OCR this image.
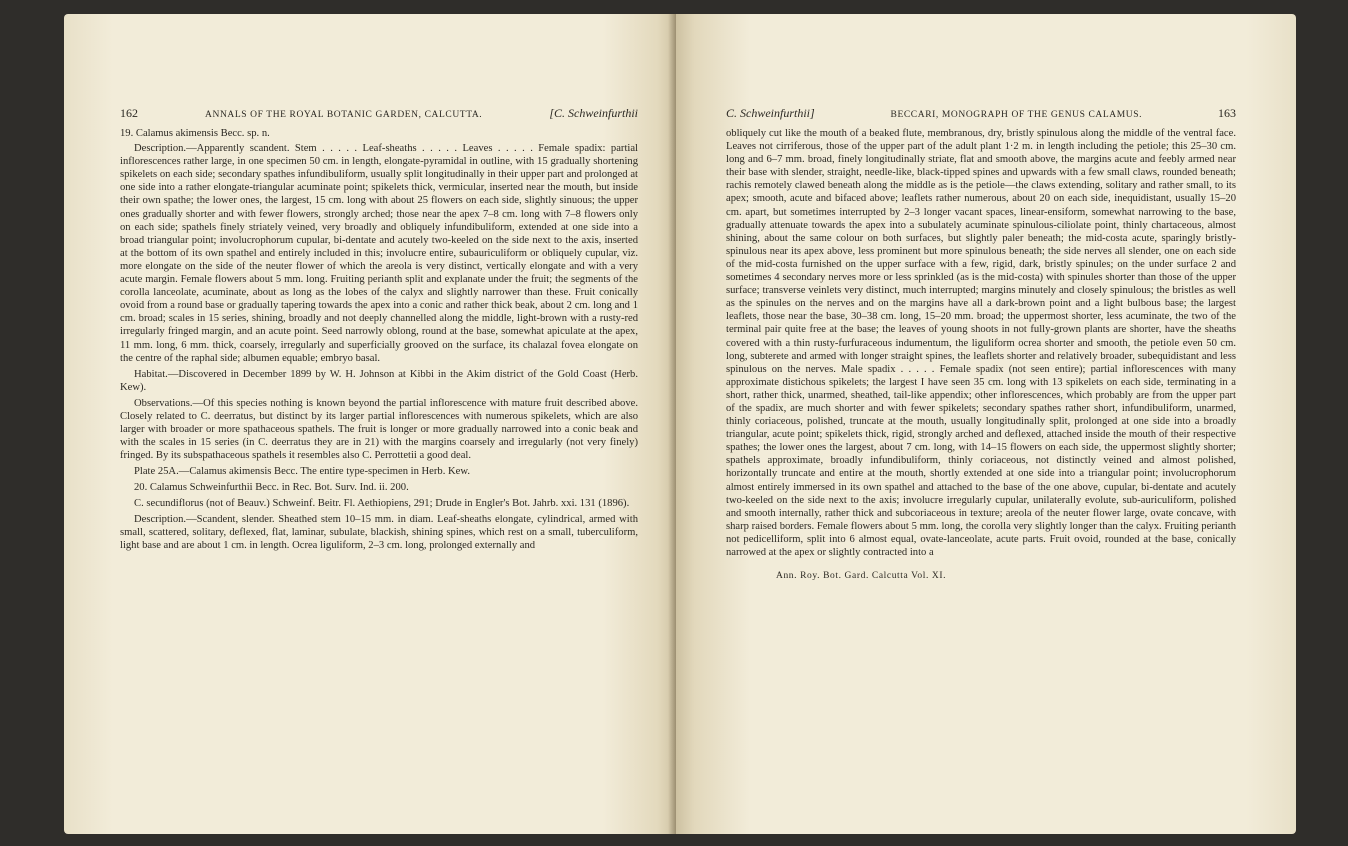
162	ANNALS OF THE ROYAL BOTANIC GARDEN, CALCUTTA.	[C. Schweinfurthii

19. Calamus akimensis Becc. sp. n.

Description.—Apparently scandent. Stem . . . . . Leaf-sheaths . . . . . Leaves . . . . . Female spadix: partial inflorescences rather large, in one specimen 50 cm. in length, elongate-pyramidal in outline, with 15 gradually shortening spikelets on each side; secondary spathes infundibuliform, usually split longitudinally in their upper part and prolonged at one side into a rather elongate-triangular acuminate point; spikelets thick, vermicular, inserted near the mouth, but inside their own spathe; the lower ones, the largest, 15 cm. long with about 25 flowers on each side, slightly sinuous; the upper ones gradually shorter and with fewer flowers, strongly arched; those near the apex 7–8 cm. long with 7–8 flowers only on each side; spathels finely striately veined, very broadly and obliquely infundibuliform, extended at one side into a broad triangular point; involucrophorum cupular, bi-dentate and acutely two-keeled on the side next to the axis, inserted at the bottom of its own spathel and entirely included in this; involucre entire, subauriculiform or obliquely cupular, viz. more elongate on the side of the neuter flower of which the areola is very distinct, vertically elongate and with a very acute margin. Female flowers about 5 mm. long. Fruiting perianth split and explanate under the fruit; the segments of the corolla lanceolate, acuminate, about as long as the lobes of the calyx and slightly narrower than these. Fruit conically ovoid from a round base or gradually tapering towards the apex into a conic and rather thick beak, about 2 cm. long and 1 cm. broad; scales in 15 series, shining, broadly and not deeply channelled along the middle, light-brown with a rusty-red irregularly fringed margin, and an acute point. Seed narrowly oblong, round at the base, somewhat apiculate at the apex, 11 mm. long, 6 mm. thick, coarsely, irregularly and superficially grooved on the surface, its chalazal fovea elongate on the centre of the raphal side; albumen equable; embryo basal.

Habitat.—Discovered in December 1899 by W. H. Johnson at Kibbi in the Akim district of the Gold Coast (Herb. Kew).

Observations.—Of this species nothing is known beyond the partial inflorescence with mature fruit described above. Closely related to C. deerratus, but distinct by its larger partial inflorescences with numerous spikelets, which are also larger with broader or more spathaceous spathels. The fruit is longer or more gradually narrowed into a conic beak and with the scales in 15 series (in C. deerratus they are in 21) with the margins coarsely and irregularly (not very finely) fringed. By its subspathaceous spathels it resembles also C. Perrottetii a good deal.

Plate 25A.—Calamus akimensis Becc. The entire type-specimen in Herb. Kew.

20. Calamus Schweinfurthii Becc. in Rec. Bot. Surv. Ind. ii. 200.

C. secundiflorus (not of Beauv.) Schweinf. Beitr. Fl. Aethiopiens, 291; Drude in Engler's Bot. Jahrb. xxi. 131 (1896).

Description.—Scandent, slender. Sheathed stem 10–15 mm. in diam. Leaf-sheaths elongate, cylindrical, armed with small, scattered, solitary, deflexed, flat, laminar, subulate, blackish, shining spines, which rest on a small, tuberculiform, light base and are about 1 cm. in length. Ocrea liguliform, 2–3 cm. long, prolonged externally and

C. Schweinfurthii]	BECCARI, MONOGRAPH OF THE GENUS CALAMUS.	163

obliquely cut like the mouth of a beaked flute, membranous, dry, bristly spinulous along the middle of the ventral face. Leaves not cirriferous, those of the upper part of the adult plant 1·2 m. in length including the petiole; this 25–30 cm. long and 6–7 mm. broad, finely longitudinally striate, flat and smooth above, the margins acute and feebly armed near their base with slender, straight, needle-like, black-tipped spines and upwards with a few small claws, rounded beneath; rachis remotely clawed beneath along the middle as is the petiole—the claws extending, solitary and rather small, to its apex; smooth, acute and bifaced above; leaflets rather numerous, about 20 on each side, inequidistant, usually 15–20 cm. apart, but sometimes interrupted by 2–3 longer vacant spaces, linear-ensiform, somewhat narrowing to the base, gradually attenuate towards the apex into a subulately acuminate spinulous-ciliolate point, thinly chartaceous, almost shining, about the same colour on both surfaces, but slightly paler beneath; the mid-costa acute, sparingly bristly-spinulous near its apex above, less prominent but more spinulous beneath; the side nerves all slender, one on each side of the mid-costa furnished on the upper surface with a few, rigid, dark, bristly spinules; on the under surface 2 and sometimes 4 secondary nerves more or less sprinkled (as is the mid-costa) with spinules shorter than those of the upper surface; transverse veinlets very distinct, much interrupted; margins minutely and closely spinulous; the bristles as well as the spinules on the nerves and on the margins have all a dark-brown point and a light bulbous base; the largest leaflets, those near the base, 30–38 cm. long, 15–20 mm. broad; the uppermost shorter, less acuminate, the two of the terminal pair quite free at the base; the leaves of young shoots in not fully-grown plants are shorter, have the sheaths covered with a thin rusty-furfuraceous indumentum, the liguliform ocrea shorter and smooth, the petiole even 50 cm. long, subterete and armed with longer straight spines, the leaflets shorter and relatively broader, subequidistant and less spinulous on the nerves. Male spadix . . . . . Female spadix (not seen entire); partial inflorescences with many approximate distichous spikelets; the largest I have seen 35 cm. long with 13 spikelets on each side, terminating in a short, rather thick, unarmed, sheathed, tail-like appendix; other inflorescences, which probably are from the upper part of the spadix, are much shorter and with fewer spikelets; secondary spathes rather short, infundibuliform, unarmed, thinly coriaceous, polished, truncate at the mouth, usually longitudinally split, prolonged at one side into a broadly triangular, acute point; spikelets thick, rigid, strongly arched and deflexed, attached inside the mouth of their respective spathes; the lower ones the largest, about 7 cm. long, with 14–15 flowers on each side, the uppermost slightly shorter; spathels approximate, broadly infundibuliform, thinly coriaceous, not distinctly veined and almost polished, horizontally truncate and entire at the mouth, shortly extended at one side into a triangular point; involucrophorum almost entirely immersed in its own spathel and attached to the base of the one above, cupular, bi-dentate and acutely two-keeled on the side next to the axis; involucre irregularly cupular, unilaterally evolute, sub-auriculiform, polished and smooth internally, rather thick and subcoriaceous in texture; areola of the neuter flower large, ovate concave, with sharp raised borders. Female flowers about 5 mm. long, the corolla very slightly longer than the calyx. Fruiting perianth not pedicelliform, split into 6 almost equal, ovate-lanceolate, acute parts. Fruit ovoid, rounded at the base, conically narrowed at the apex or slightly contracted into a

Ann. Roy. Bot. Gard. Calcutta Vol. XI.
